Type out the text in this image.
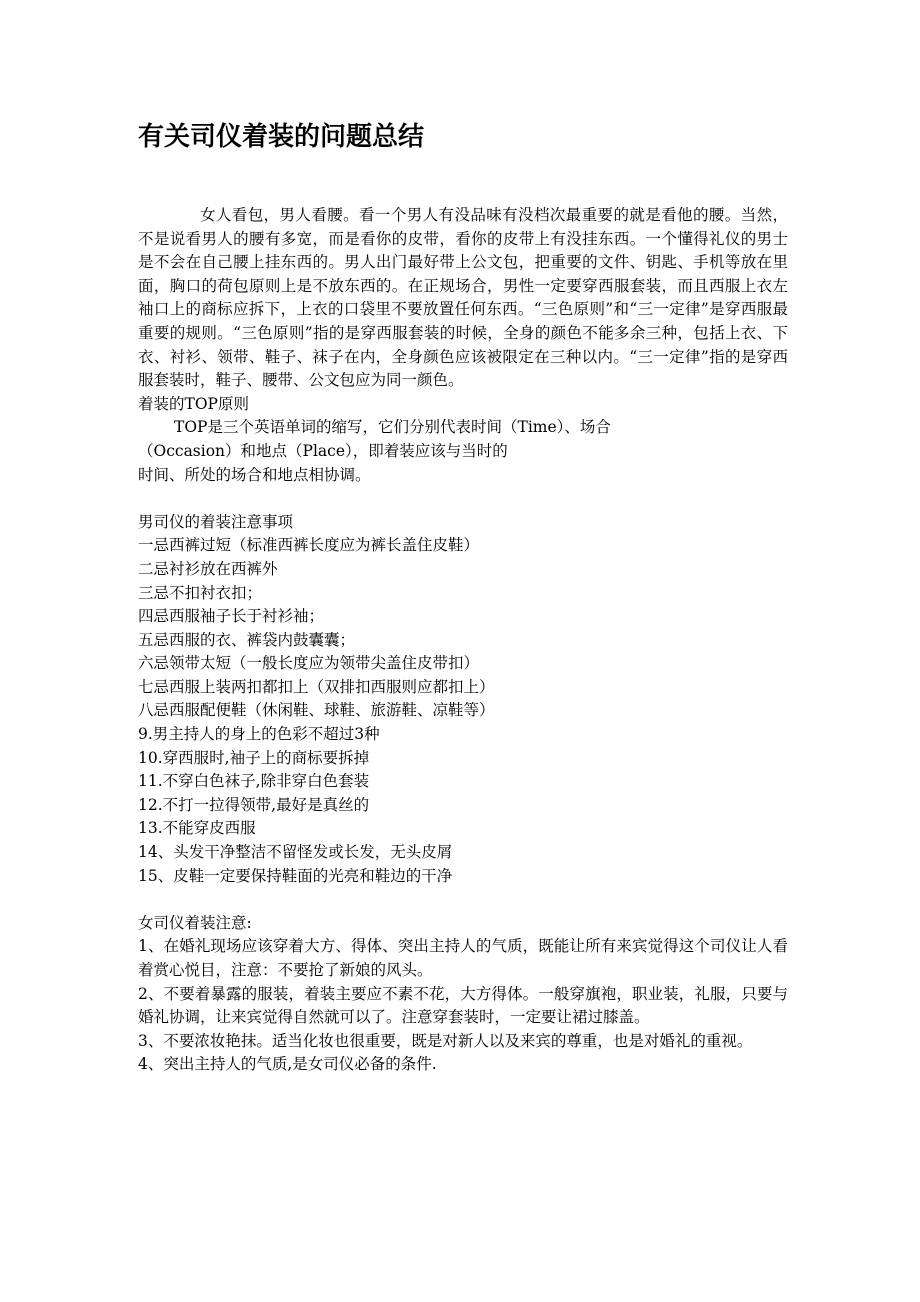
有关司仪着装的问题总结

女人看包，男人看腰。看一个男人有没品味有没档次最重要的就是看他的腰。当然，不是说看男人的腰有多宽，而是看你的皮带，看你的皮带上有没挂东西。一个懂得礼仪的男士是不会在自己腰上挂东西的。男人出门最好带上公文包，把重要的文件、钥匙、手机等放在里面，胸口的荷包原则上是不放东西的。在正规场合，男性一定要穿西服套装，而且西服上衣左袖口上的商标应拆下，上衣的口袋里不要放置任何东西。“三色原则”和“三一定律”是穿西服最重要的规则。“三色原则”指的是穿西服套装的时候，全身的颜色不能多余三种，包括上衣、下衣、衬衫、领带、鞋子、袜子在内，全身颜色应该被限定在三种以内。“三一定律”指的是穿西服套装时，鞋子、腰带、公文包应为同一颜色。

着装的TOP原则

TOP是三个英语单词的缩写，它们分别代表时间（Time）、场合

（Occasion）和地点（Place），即着装应该与当时的

时间、所处的场合和地点相协调。

男司仪的着装注意事项

一忌西裤过短（标准西裤长度应为裤长盖住皮鞋）

二忌衬衫放在西裤外

三忌不扣衬衣扣；

四忌西服袖子长于衬衫袖；

五忌西服的衣、裤袋内鼓囊囊；

六忌领带太短（一般长度应为领带尖盖住皮带扣）

七忌西服上装两扣都扣上（双排扣西服则应都扣上）

八忌西服配便鞋（休闲鞋、球鞋、旅游鞋、凉鞋等）

9.男主持人的身上的色彩不超过3种

10.穿西服时,袖子上的商标要拆掉

11.不穿白色袜子,除非穿白色套装

12.不打一拉得领带,最好是真丝的

13.不能穿皮西服

14、头发干净整洁不留怪发或长发，无头皮屑

15、皮鞋一定要保持鞋面的光亮和鞋边的干净

女司仪着装注意:

1、在婚礼现场应该穿着大方、得体、突出主持人的气质，既能让所有来宾觉得这个司仪让人看着赏心悦目，注意：不要抢了新娘的风头。

2、不要着暴露的服装，着装主要应不素不花，大方得体。一般穿旗袍，职业装，礼服，只要与婚礼协调，让来宾觉得自然就可以了。注意穿套装时，一定要让裙过膝盖。

3、不要浓妆艳抹。适当化妆也很重要，既是对新人以及来宾的尊重，也是对婚礼的重视。

4、突出主持人的气质,是女司仪必备的条件.
